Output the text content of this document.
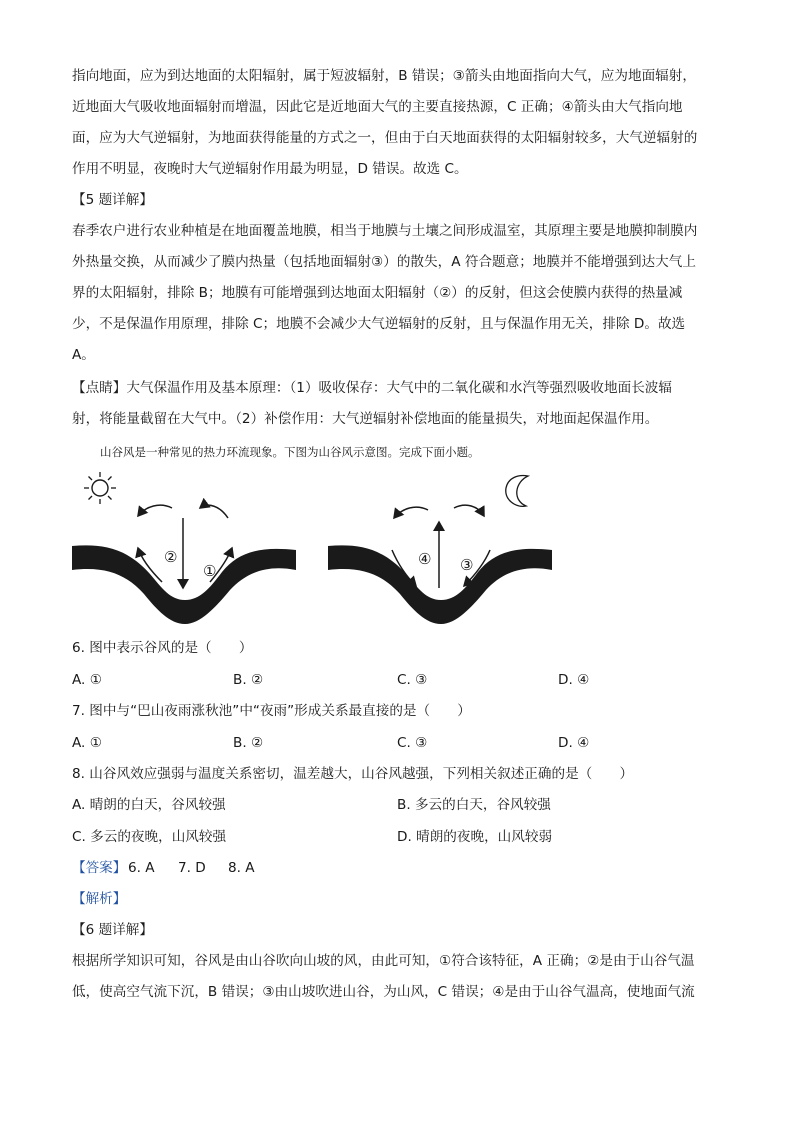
指向地面，应为到达地面的太阳辐射，属于短波辐射，B 错误；③箭头由地面指向大气，应为地面辐射，
近地面大气吸收地面辐射而增温，因此它是近地面大气的主要直接热源，C 正确；④箭头由大气指向地
面，应为大气逆辐射，为地面获得能量的方式之一，但由于白天地面获得的太阳辐射较多，大气逆辐射的
作用不明显，夜晚时大气逆辐射作用最为明显，D 错误。故选 C。
【5 题详解】
春季农户进行农业种植是在地面覆盖地膜，相当于地膜与土壤之间形成温室，其原理主要是地膜抑制膜内
外热量交换，从而减少了膜内热量（包括地面辐射③）的散失，A 符合题意；地膜并不能增强到达大气上
界的太阳辐射，排除 B；地膜有可能增强到达地面太阳辐射（②）的反射，但这会使膜内获得的热量减
少，不是保温作用原理，排除 C；地膜不会减少大气逆辐射的反射，且与保温作用无关，排除 D。故选
A。
【点睛】大气保温作用及基本原理：（1）吸收保存：大气中的二氧化碳和水汽等强烈吸收地面长波辐
射，将能量截留在大气中。（2）补偿作用：大气逆辐射补偿地面的能量损失，对地面起保温作用。
山谷风是一种常见的热力环流现象。下图为山谷风示意图。完成下面小题。
②
①
④ ③
6. 图中表示谷风的是（　　）
A. ①	B. ②	C. ③	D. ④
7. 图中与“巴山夜雨涨秋池”中“夜雨”形成关系最直接的是（　　）
A. ①	B. ②	C. ③	D. ④
8. 山谷风效应强弱与温度关系密切，温差越大，山谷风越强，下列相关叙述正确的是（　　）
A. 晴朗的白天，谷风较强	B. 多云的白天，谷风较强
C. 多云的夜晚，山风较强	D. 晴朗的夜晚，山风较弱
【答案】 6. A 7. D 8. A
【解析】
【6 题详解】
根据所学知识可知，谷风是由山谷吹向山坡的风，由此可知，①符合该特征，A 正确；②是由于山谷气温
低，使高空气流下沉，B 错误；③由山坡吹进山谷，为山风，C 错误；④是由于山谷气温高，使地面气流
